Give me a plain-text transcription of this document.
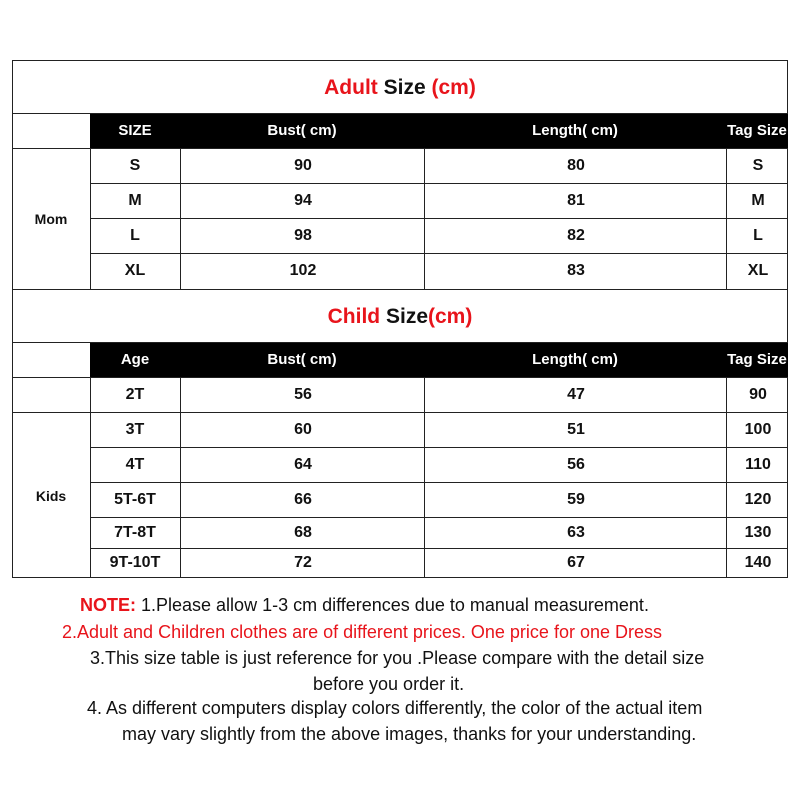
Adult Size (cm)
SIZE	Bust( cm)	Length( cm)	Tag Size
S	90	80	S
M	94	81	M
L	98	82	L
XL	102	83	XL
Mom
Child Size(cm)
Age	Bust( cm)	Length( cm)	Tag Size
2T	56	47	90
3T	60	51	100
4T	64	56	110
5T-6T	66	59	120
7T-8T	68	63	130
9T-10T	72	67	140
Kids
NOTE: 1.Please allow 1-3 cm differences due to manual measurement.
2.Adult and Children clothes are of different prices. One price for one Dress
3.This size table is just reference for you .Please compare with the detail size
before you order it.
4. As different computers display colors differently, the color of the actual item
may vary slightly from the above images, thanks for your understanding.
